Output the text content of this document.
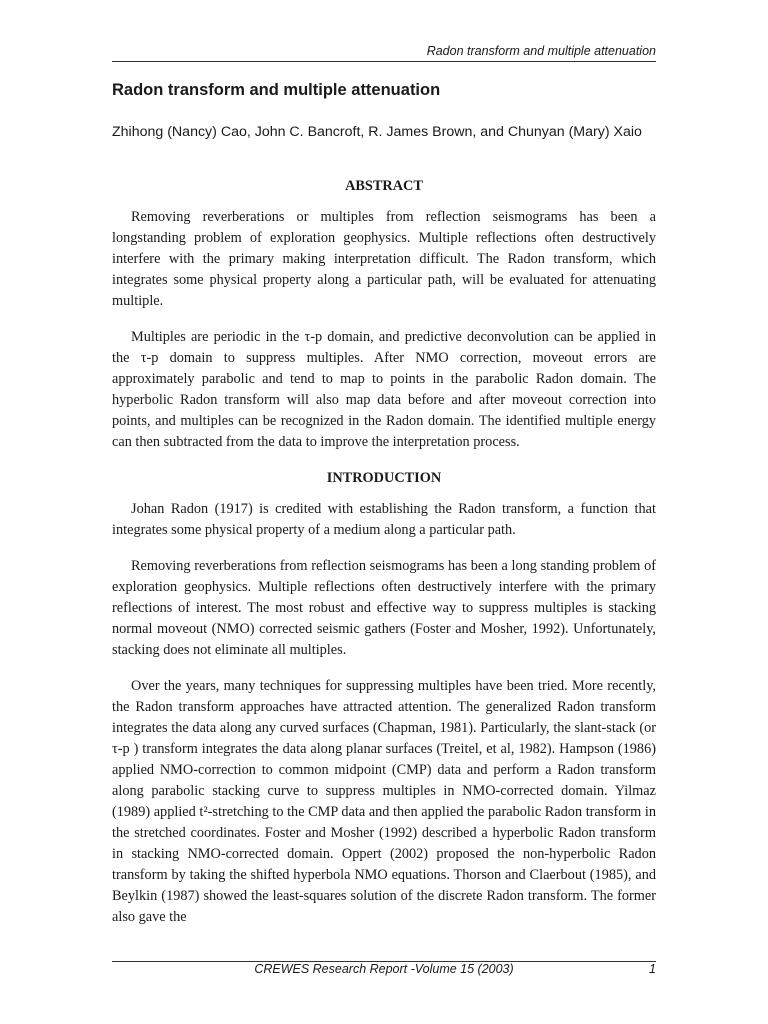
Radon transform and multiple attenuation
Radon transform and multiple attenuation
Zhihong (Nancy) Cao, John C. Bancroft, R. James Brown, and Chunyan (Mary) Xaio
ABSTRACT

Removing reverberations or multiples from reflection seismograms has been a longstanding problem of exploration geophysics. Multiple reflections often destructively interfere with the primary making interpretation difficult. The Radon transform, which integrates some physical property along a particular path, will be evaluated for attenuating multiple.

Multiples are periodic in the τ-p domain, and predictive deconvolution can be applied in the τ-p domain to suppress multiples. After NMO correction, moveout errors are approximately parabolic and tend to map to points in the parabolic Radon domain. The hyperbolic Radon transform will also map data before and after moveout correction into points, and multiples can be recognized in the Radon domain. The identified multiple energy can then subtracted from the data to improve the interpretation process.

INTRODUCTION

Johan Radon (1917) is credited with establishing the Radon transform, a function that integrates some physical property of a medium along a particular path.

Removing reverberations from reflection seismograms has been a long standing problem of exploration geophysics. Multiple reflections often destructively interfere with the primary reflections of interest. The most robust and effective way to suppress multiples is stacking normal moveout (NMO) corrected seismic gathers (Foster and Mosher, 1992). Unfortunately, stacking does not eliminate all multiples.

Over the years, many techniques for suppressing multiples have been tried. More recently, the Radon transform approaches have attracted attention. The generalized Radon transform integrates the data along any curved surfaces (Chapman, 1981). Particularly, the slant-stack (or τ-p ) transform integrates the data along planar surfaces (Treitel, et al, 1982). Hampson (1986) applied NMO-correction to common midpoint (CMP) data and perform a Radon transform along parabolic stacking curve to suppress multiples in NMO-corrected domain. Yilmaz (1989) applied t²-stretching to the CMP data and then applied the parabolic Radon transform in the stretched coordinates. Foster and Mosher (1992) described a hyperbolic Radon transform in stacking NMO-corrected domain. Oppert (2002) proposed the non-hyperbolic Radon transform by taking the shifted hyperbola NMO equations. Thorson and Claerbout (1985), and Beylkin (1987) showed the least-squares solution of the discrete Radon transform. The former also gave the

CREWES Research Report -Volume 15 (2003)	1
